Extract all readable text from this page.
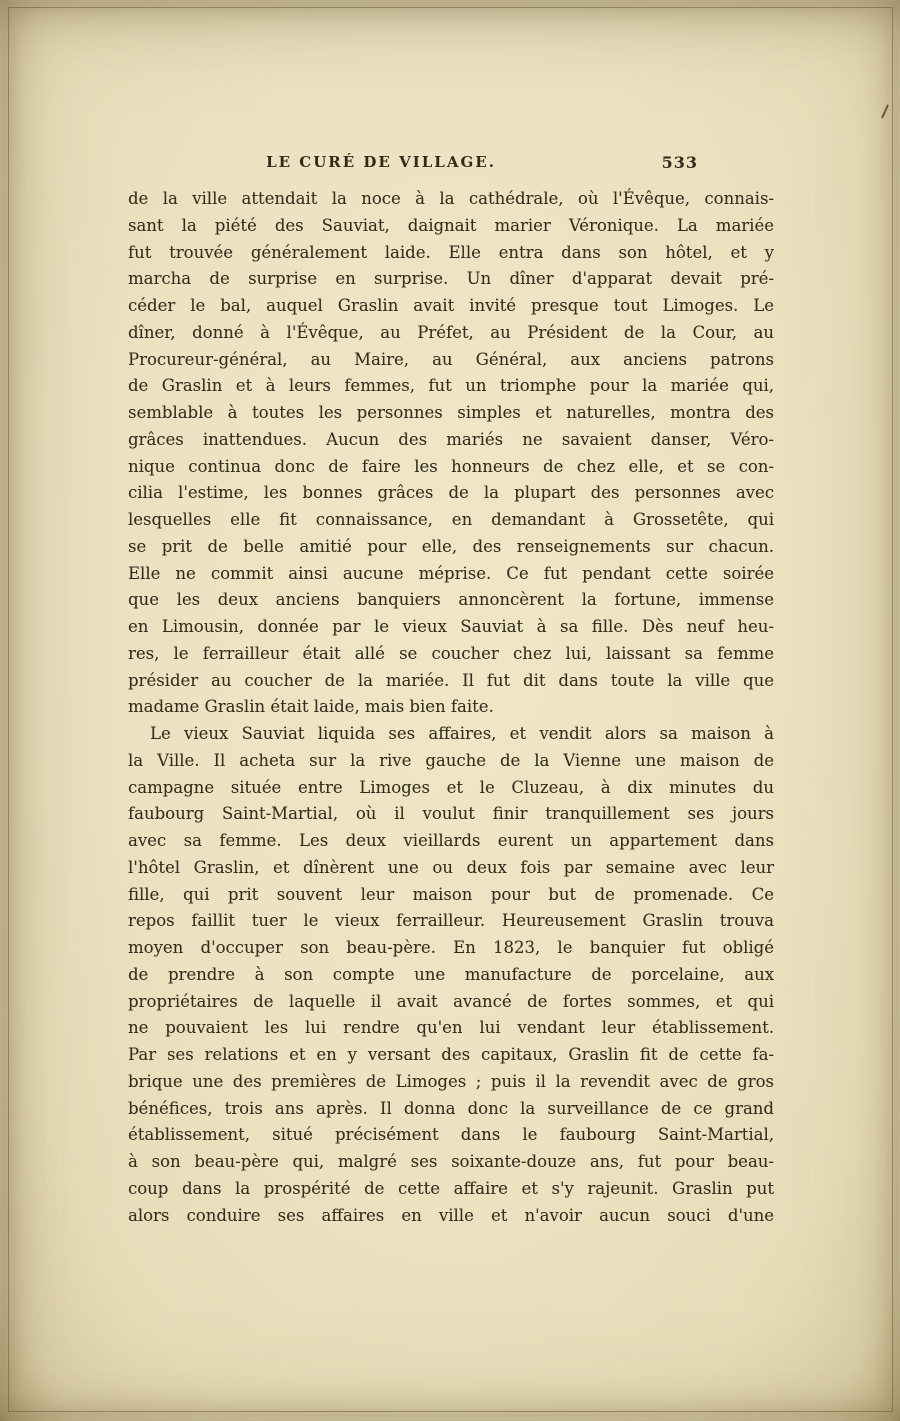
LE CURÉ DE VILLAGE.	533
de la ville attendait la noce à la cathédrale, où l'Évêque, connais-
sant la piété des Sauviat, daignait marier Véronique. La mariée
fut trouvée généralement laide. Elle entra dans son hôtel, et y
marcha de surprise en surprise. Un dîner d'apparat devait pré-
céder le bal, auquel Graslin avait invité presque tout Limoges. Le
dîner, donné à l'Évêque, au Préfet, au Président de la Cour, au
Procureur-général, au Maire, au Général, aux anciens patrons
de Graslin et à leurs femmes, fut un triomphe pour la mariée qui,
semblable à toutes les personnes simples et naturelles, montra des
grâces inattendues. Aucun des mariés ne savaient danser, Véro-
nique continua donc de faire les honneurs de chez elle, et se con-
cilia l'estime, les bonnes grâces de la plupart des personnes avec
lesquelles elle fit connaissance, en demandant à Grossetête, qui
se prit de belle amitié pour elle, des renseignements sur chacun.
Elle ne commit ainsi aucune méprise. Ce fut pendant cette soirée
que les deux anciens banquiers annoncèrent la fortune, immense
en Limousin, donnée par le vieux Sauviat à sa fille. Dès neuf heu-
res, le ferrailleur était allé se coucher chez lui, laissant sa femme
présider au coucher de la mariée. Il fut dit dans toute la ville que
madame Graslin était laide, mais bien faite.
Le vieux Sauviat liquida ses affaires, et vendit alors sa maison à
la Ville. Il acheta sur la rive gauche de la Vienne une maison de
campagne située entre Limoges et le Cluzeau, à dix minutes du
faubourg Saint-Martial, où il voulut finir tranquillement ses jours
avec sa femme. Les deux vieillards eurent un appartement dans
l'hôtel Graslin, et dînèrent une ou deux fois par semaine avec leur
fille, qui prit souvent leur maison pour but de promenade. Ce
repos faillit tuer le vieux ferrailleur. Heureusement Graslin trouva
moyen d'occuper son beau-père. En 1823, le banquier fut obligé
de prendre à son compte une manufacture de porcelaine, aux
propriétaires de laquelle il avait avancé de fortes sommes, et qui
ne pouvaient les lui rendre qu'en lui vendant leur établissement.
Par ses relations et en y versant des capitaux, Graslin fit de cette fa-
brique une des premières de Limoges ; puis il la revendit avec de gros
bénéfices, trois ans après. Il donna donc la surveillance de ce grand
établissement, situé précisément dans le faubourg Saint-Martial,
à son beau-père qui, malgré ses soixante-douze ans, fut pour beau-
coup dans la prospérité de cette affaire et s'y rajeunit. Graslin put
alors conduire ses affaires en ville et n'avoir aucun souci d'une
